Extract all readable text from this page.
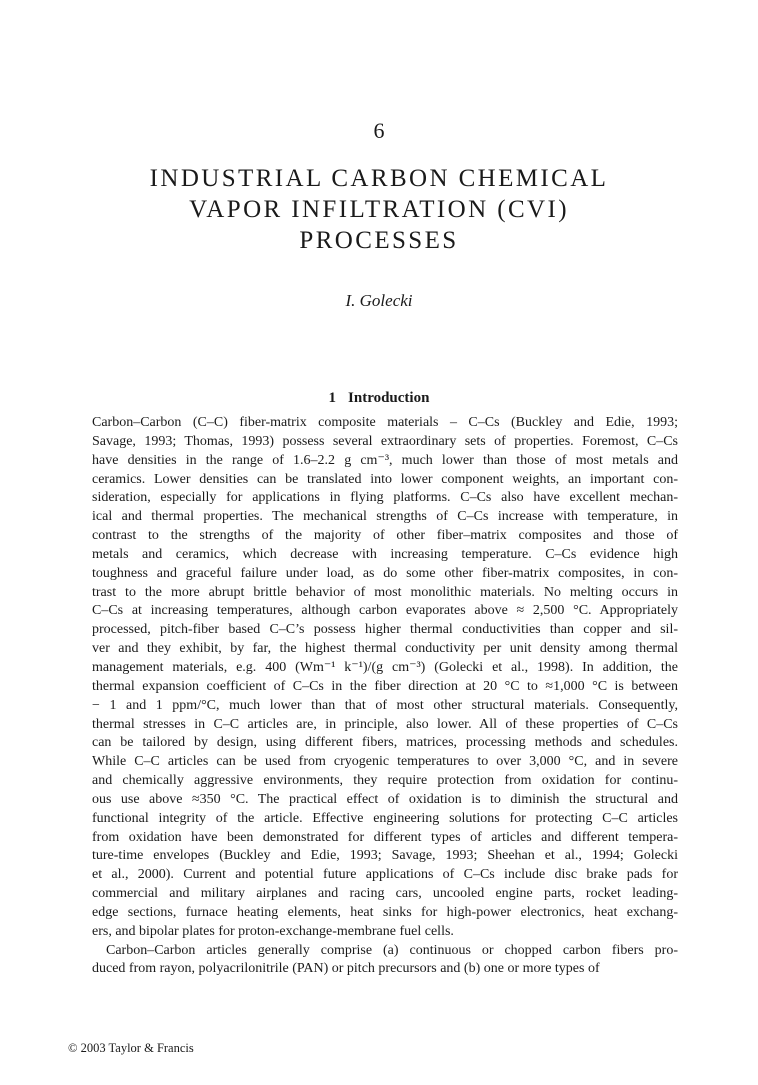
6
INDUSTRIAL CARBON CHEMICAL
VAPOR INFILTRATION (CVI)
PROCESSES
I. Golecki
1 Introduction
Carbon–Carbon (C–C) fiber-matrix composite materials – C–Cs (Buckley and Edie, 1993;
Savage, 1993; Thomas, 1993) possess several extraordinary sets of properties. Foremost, C–Cs
have densities in the range of 1.6–2.2 g cm⁻³, much lower than those of most metals and
ceramics. Lower densities can be translated into lower component weights, an important con-
sideration, especially for applications in flying platforms. C–Cs also have excellent mechan-
ical and thermal properties. The mechanical strengths of C–Cs increase with temperature, in
contrast to the strengths of the majority of other fiber–matrix composites and those of
metals and ceramics, which decrease with increasing temperature. C–Cs evidence high
toughness and graceful failure under load, as do some other fiber-matrix composites, in con-
trast to the more abrupt brittle behavior of most monolithic materials. No melting occurs in
C–Cs at increasing temperatures, although carbon evaporates above ≈ 2,500 °C. Appropriately
processed, pitch-fiber based C–C’s possess higher thermal conductivities than copper and sil-
ver and they exhibit, by far, the highest thermal conductivity per unit density among thermal
management materials, e.g. 400 (Wm⁻¹ k⁻¹)/(g cm⁻³) (Golecki et al., 1998). In addition, the
thermal expansion coefficient of C–Cs in the fiber direction at 20 °C to ≈1,000 °C is between
− 1 and 1 ppm/°C, much lower than that of most other structural materials. Consequently,
thermal stresses in C–C articles are, in principle, also lower. All of these properties of C–Cs
can be tailored by design, using different fibers, matrices, processing methods and schedules.
While C–C articles can be used from cryogenic temperatures to over 3,000 °C, and in severe
and chemically aggressive environments, they require protection from oxidation for continu-
ous use above ≈350 °C. The practical effect of oxidation is to diminish the structural and
functional integrity of the article. Effective engineering solutions for protecting C–C articles
from oxidation have been demonstrated for different types of articles and different tempera-
ture-time envelopes (Buckley and Edie, 1993; Savage, 1993; Sheehan et al., 1994; Golecki
et al., 2000). Current and potential future applications of C–Cs include disc brake pads for
commercial and military airplanes and racing cars, uncooled engine parts, rocket leading-
edge sections, furnace heating elements, heat sinks for high-power electronics, heat exchang-
ers, and bipolar plates for proton-exchange-membrane fuel cells.
Carbon–Carbon articles generally comprise (a) continuous or chopped carbon fibers pro-
duced from rayon, polyacrilonitrile (PAN) or pitch precursors and (b) one or more types of
© 2003 Taylor & Francis
